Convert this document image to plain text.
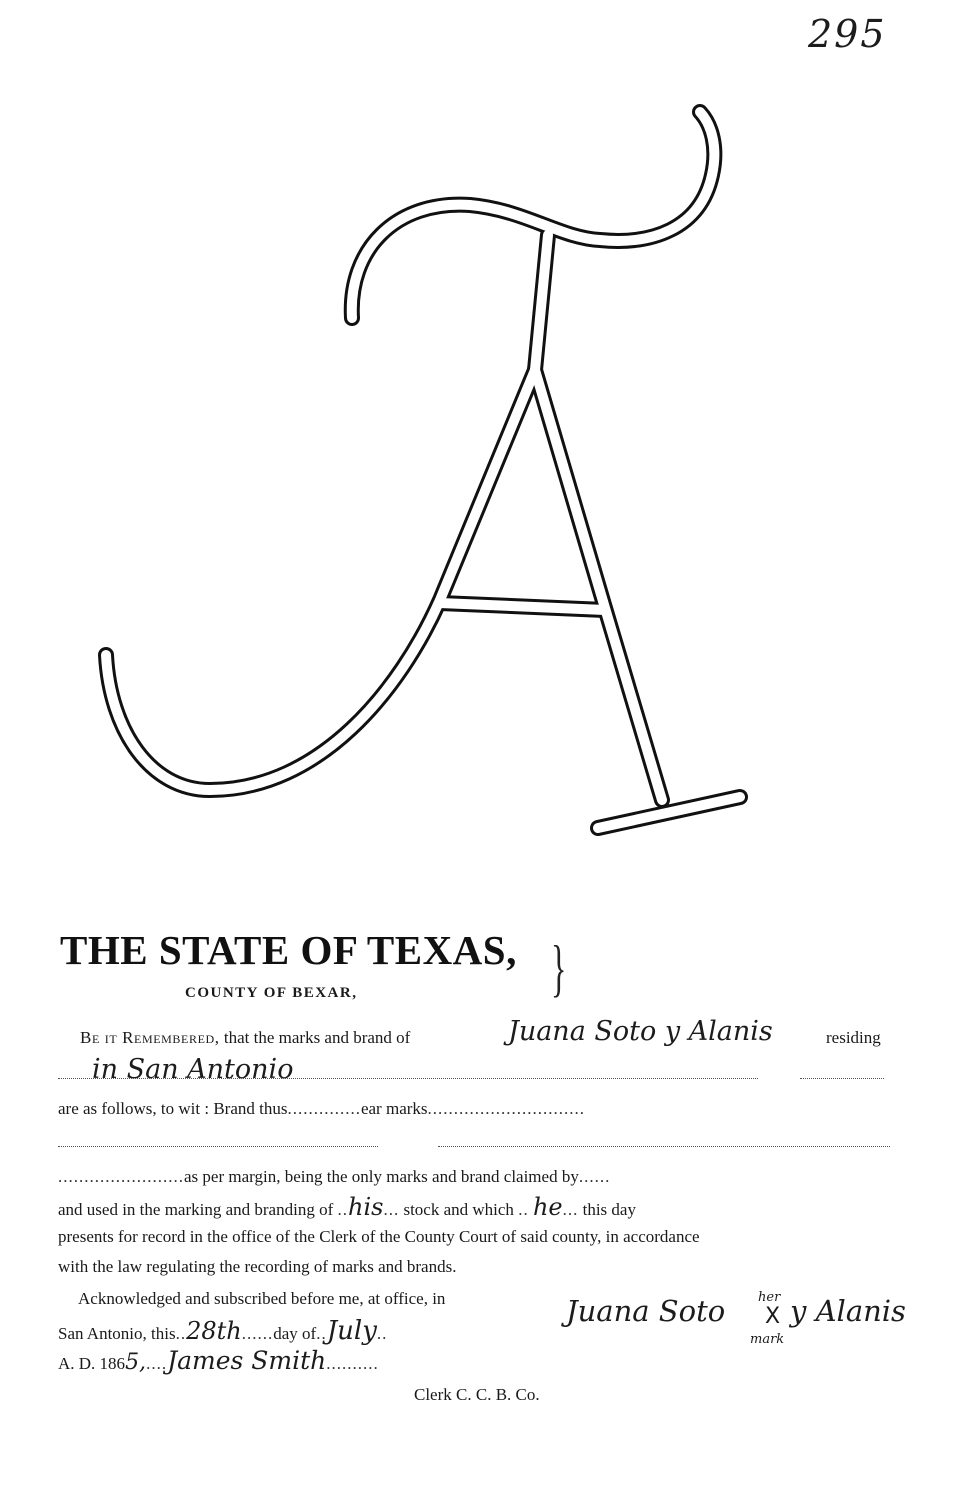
295
THE STATE OF TEXAS, }
COUNTY OF BEXAR,
Be it Remembered, that the marks and brand of	Juana Soto y Alanis	residing
in San Antonio
are as follows, to wit : Brand thus..............ear marks..............................
........................as per margin, being the only marks and brand claimed by......
and used in the marking and branding of ..his... stock and which .. he... this day
presents for record in the office of the Clerk of the County Court of said county, in accordance
with the law regulating the recording of marks and brands.
Acknowledged and subscribed before me, at office, in
San Antonio, this..28th......day of..July..
A. D. 1865,....James Smith..........
Clerk C. C. B. Co.
Juana Soto	her
X
mark
y Alanis
